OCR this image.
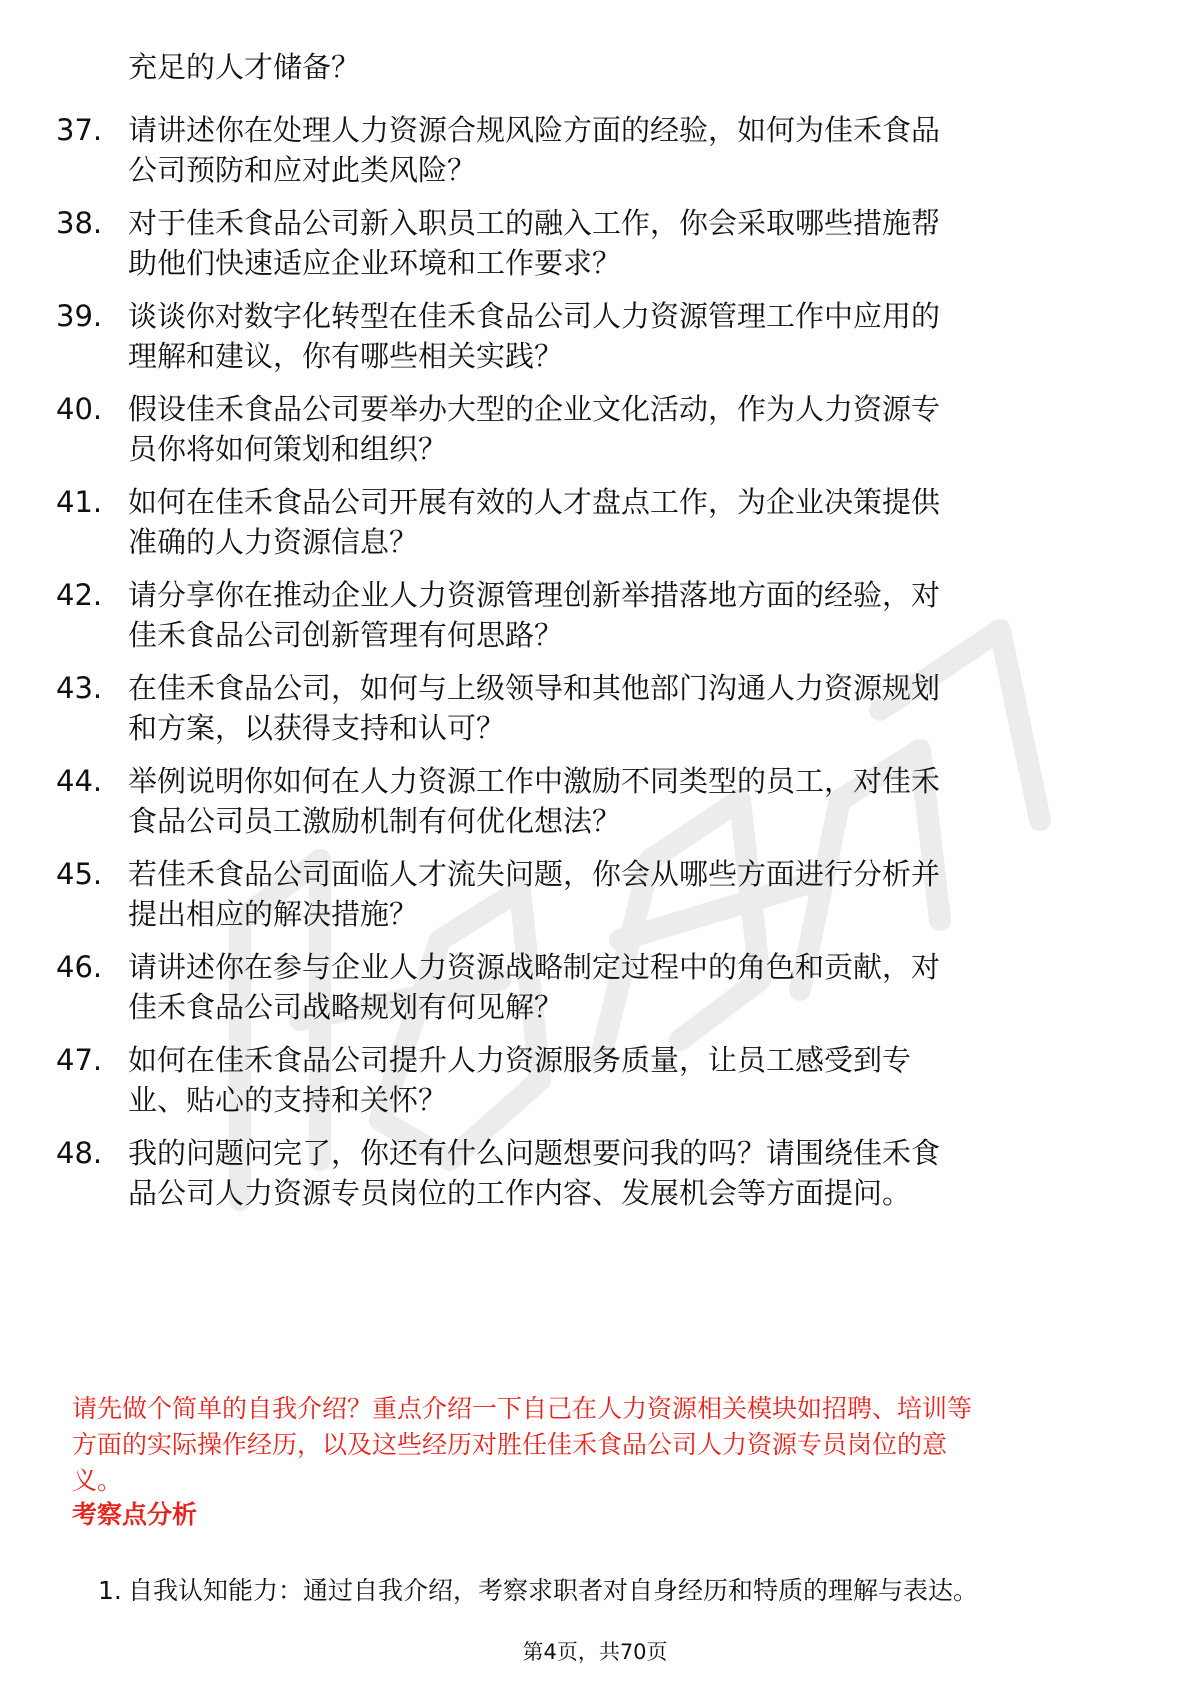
充足的人才储备？
37. 请讲述你在处理人力资源合规风险方面的经验，如何为佳禾食品
公司预防和应对此类风险？
38. 对于佳禾食品公司新入职员工的融入工作，你会采取哪些措施帮
助他们快速适应企业环境和工作要求？
39. 谈谈你对数字化转型在佳禾食品公司人力资源管理工作中应用的
理解和建议，你有哪些相关实践？
40. 假设佳禾食品公司要举办大型的企业文化活动，作为人力资源专
员你将如何策划和组织？
41. 如何在佳禾食品公司开展有效的人才盘点工作，为企业决策提供
准确的人力资源信息？
42. 请分享你在推动企业人力资源管理创新举措落地方面的经验，对
佳禾食品公司创新管理有何思路？
43. 在佳禾食品公司，如何与上级领导和其他部门沟通人力资源规划
和方案，以获得支持和认可？
44. 举例说明你如何在人力资源工作中激励不同类型的员工，对佳禾
食品公司员工激励机制有何优化想法？
45. 若佳禾食品公司面临人才流失问题，你会从哪些方面进行分析并
提出相应的解决措施？
46. 请讲述你在参与企业人力资源战略制定过程中的角色和贡献，对
佳禾食品公司战略规划有何见解？
47. 如何在佳禾食品公司提升人力资源服务质量，让员工感受到专
业、贴心的支持和关怀？
48. 我的问题问完了，你还有什么问题想要问我的吗？请围绕佳禾食
品公司人力资源专员岗位的工作内容、发展机会等方面提问。
请先做个简单的自我介绍？重点介绍一下自己在人力资源相关模块如招聘、培训等
方面的实际操作经历，以及这些经历对胜任佳禾食品公司人力资源专员岗位的意
义。
考察点分析
1. 自我认知能力：通过自我介绍，考察求职者对自身经历和特质的理解与表达。
第4页，共70页
